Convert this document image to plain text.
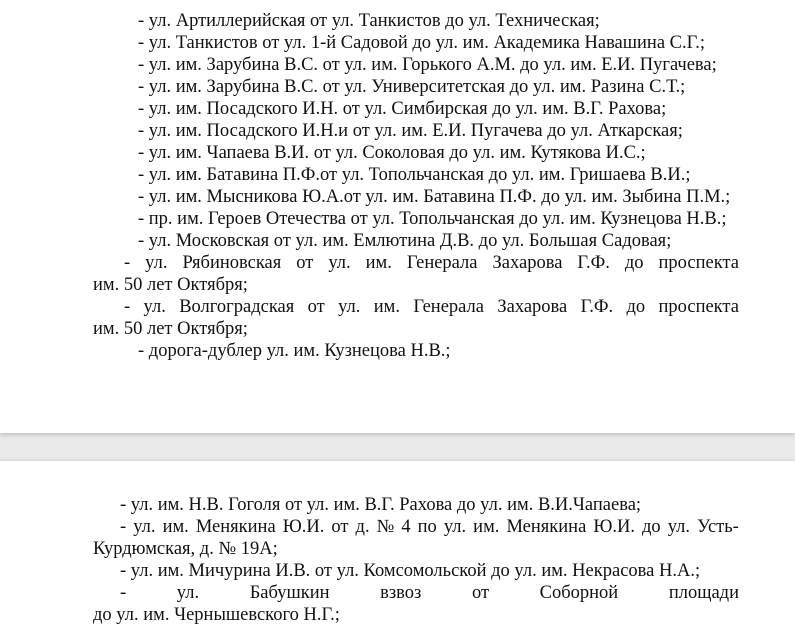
- ул. Артиллерийская от ул. Танкистов до ул. Техническая;
- ул. Танкистов от ул. 1-й Садовой до ул. им. Академика Навашина С.Г.;
- ул. им. Зарубина В.С. от ул. им. Горького А.М. до ул. им. Е.И. Пугачева;
- ул. им. Зарубина В.С. от ул. Университетская до ул. им. Разина С.Т.;
- ул. им. Посадского И.Н. от ул. Симбирская до ул. им. В.Г. Рахова;
- ул. им. Посадского И.Н.и от ул. им. Е.И. Пугачева до ул. Аткарская;
- ул. им. Чапаева В.И. от ул. Соколовая до ул. им. Кутякова И.С.;
- ул. им. Батавина П.Ф.от ул. Топольчанская до ул. им. Гришаева В.И.;
- ул. им. Мысникова Ю.А.от ул. им. Батавина П.Ф. до ул. им. Зыбина П.М.;
- пр. им. Героев Отечества от ул. Топольчанская до ул. им. Кузнецова Н.В.;
- ул. Московская от ул. им. Емлютина Д.В. до ул. Большая Садовая;
- ул. Рябиновская от ул. им. Генерала Захарова Г.Ф. до проспекта
им. 50 лет Октября;
- ул. Волгоградская от ул. им. Генерала Захарова Г.Ф. до проспекта
им. 50 лет Октября;
- дорога-дублер ул. им. Кузнецова Н.В.;
- ул. им. Н.В. Гоголя от ул. им. В.Г. Рахова до ул. им. В.И.Чапаева;
- ул. им. Менякина Ю.И. от д. № 4 по ул. им. Менякина Ю.И. до ул. Усть-
Курдюмская, д. № 19А;
- ул. им. Мичурина И.В. от ул. Комсомольской до ул. им. Некрасова Н.А.;
-	ул.	Бабушкин	взвоз	от	Соборной	площади
до ул. им. Чернышевского Н.Г.;
